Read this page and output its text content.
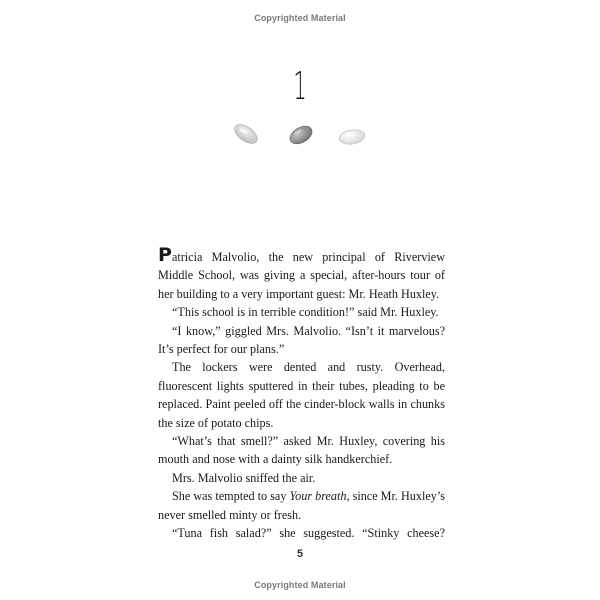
Copyrighted Material
1

Patricia Malvolio, the new principal of Riverview Middle School, was giving a special, after-hours tour of her building to a very important guest: Mr. Heath Huxley.

“This school is in terrible condition!” said Mr. Huxley.

“I know,” giggled Mrs. Malvolio. “Isn’t it marvelous? It’s perfect for our plans.”

The lockers were dented and rusty. Overhead, fluorescent lights sputtered in their tubes, pleading to be replaced. Paint peeled off the cinder-block walls in chunks the size of potato chips.

“What’s that smell?” asked Mr. Huxley, covering his mouth and nose with a dainty silk handkerchief.

Mrs. Malvolio sniffed the air.

She was tempted to say Your breath, since Mr. Huxley’s never smelled minty or fresh.

“Tuna fish salad?” she suggested. “Stinky cheese?

5
Copyrighted Material
